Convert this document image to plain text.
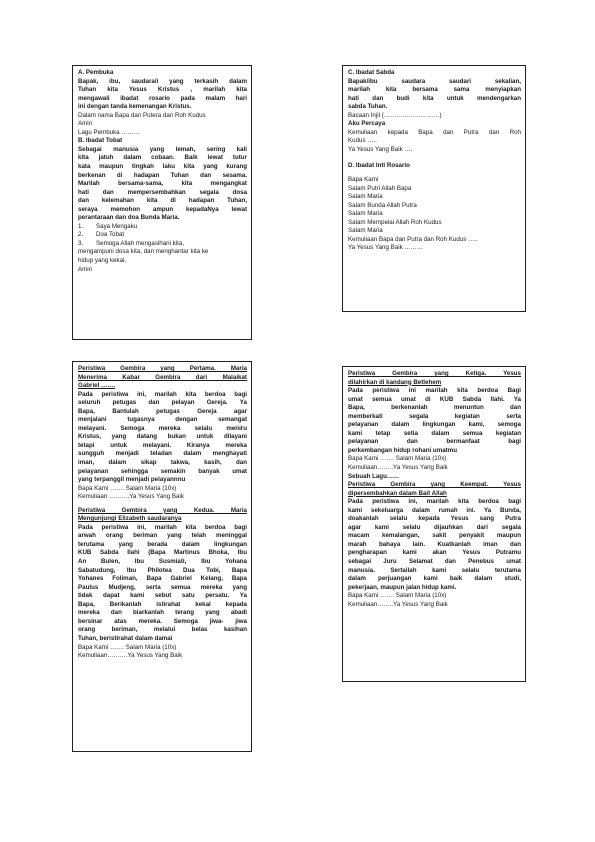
A. Pembuka
Bapak, ibu, saudara/i yang terkasih dalam
Tuhan kita Yesus Kristus , marilah kita
mengawali ibadat rosario pada malam hari
ini dengan tanda kemenangan Kristus.
Dalam nama Bapa dan Putera dan Roh Kudus
Amin
Lagu Pembuka ………
B. Ibadat Tobat
Sebagai manusia yang lemah, sering kali
kita jatuh dalam cobaan. Baik lewat tutur
kata maupun tingkah laku kita yang kurang
berkenan di hadapan Tuhan dan sesama.
Marilah bersama-sama, kita mengangkat
hati dan mempersembahkan segala dosa
dan kelemahan kita di hadapan Tuhan,
seraya memohon ampun kepadaNya lewat
perantaraan dan doa Bunda Maria.
1. Saya Mengaku
2. Doa Tobat
3. Semoga Allah mengasihani kita,
mengampuni dosa kita, dan menghantar kita ke
hidup yang kekal.
Amin
C. Ibadat Sabda
Bapak/ibu saudara saudari sekalian,
marilah kita bersama sama menyiapkan
hati dan budi kita untuk mendengarkan
sabda Tuhan.
Bacaan Injil (………………………)
Aku Percaya
Kemuliaan kepada Bapa dan Putra dan Roh
Kudus …..
Ya Yesus Yang Baik ….
D. Ibadat Inti Rosario
Bapa Kami
Salam Putri Allah Bapa
Salam Maria
Salam Bunda Allah Putra
Salam Maria
Salam Mempelai Allah Roh Kudus
Salam Maria
Kemuliaan Bapa dan Putra dan Roh Kudus …..
Ya Yesus Yang Baik ………
Peristiwa Gembira yang Pertama. Maria
Menerima Kabar Gembira dari Malaikat
Gabriel …….
Pada peristiwa ini, marilah kita berdoa bagi
seluruh petugas dan pelayan Gereja. Ya
Bapa, Bantulah petugas Gereja agar
menjalani tugasnya dengan semangat
melayani. Semoga mereka selalu meniru
Kristus, yang datang bukan untuk dilayani
tetapi untuk melayani. Kiranya mereka
sungguh menjadi teladan dalam menghayati
iman, dalam sikap takwa, kasih, dan
pelayanan sehingga semakin banyak umat
yang terpanggil menjadi pelayannnu
Bapa Kami ……. Salam Maria (10x)
Kemuliaan ……….Ya Yesus Yang Baik
Peristiwa Gembira yang Kedua. Maria
Mengunjungi Elizabeth saudaranya
Pada peristiwa ini, marilah kita berdoa bagi
arwah orang beriman yang telah meninggal
terutama yang berada dalam lingkungan
KUB Sabda Ilahi (Bapa Martinus Bhoka, Ibu
An Bulen, Ibu Susmiati, Ibu Yohana
Sabatudung, Ibu Philotea Dua Tobi, Bapa
Yohanes Foliman, Bapa Gabriel Kelang, Bapa
Paulus Mudjeng, serta semua mereka yang
tidak dapat kami sebut satu persatu. Ya
Bapa, Berikanlah istirahat kekal kepada
mereka dan biarkanlah terang yang abadi
bersinar atas mereka. Semoga jiwa- jiwa
orang beriman, melalui belas kasihan
Tuhan, beristirahat dalam damai
Bapa Kami ……. Salam Maria (10x)
Kemuliaan……….Ya Yesus Yang Baik
Peristiwa Gembira yang Ketiga. Yesus
dilahirkan di kandang Betlehem
Pada peristiwa ini marilah kita berdoa Bagi
umat semua umat di KUB Sabda Ilahi. Ya
Bapa, berkenanlah menuntun dan
memberkati segala kegiatan serta
pelayanan dalam lingkungan kami, semoga
kami tetap setia dalam semua kegiatan
pelayanan dan bermanfaat bagi
perkembangan hidup rohani umatmu
Bapa Kami ……. Salam Maria (10x)
Kemuliaan……..Ya Yesus Yang Baik
Sebuah Lagu……
Peristiwa Gembira yang Keempat. Yesus
dipersembahkan dalam Bait Allah
Pada peristiwa ini, marilah kita berdoa bagi
kami sekeluarga dalam rumah ini. Ya Bunda,
doakanlah selalu kepada Yesus sang Putra
agar kami selalu dijauhkan dari segala
macam kemalangan, sakit penyakit maupun
marah bahaya lain. Kuatkanlah iman dan
pengharapan kami akan Yesus Putramu
sebagai Juru Selamat dan Penebus umat
manusia. Sertailah kami selalu terutama
dalam perjuangan kami baik dalam studi,
pekerjaan, maupun jalan hidup kami.
Bapa Kami ……. Salam Maria (10x)
Kemuliaan……..Ya Yesus Yang Baik
